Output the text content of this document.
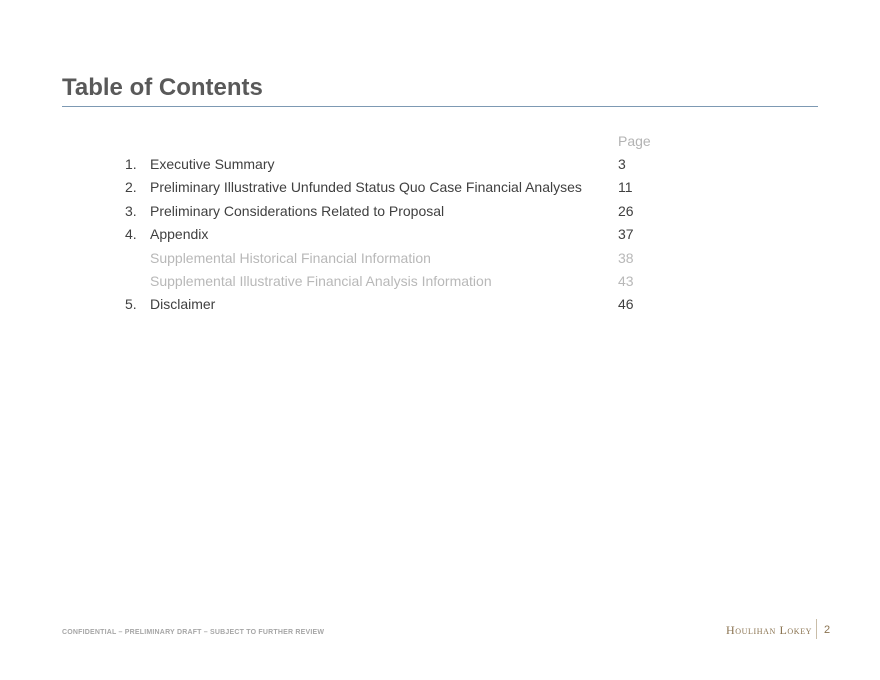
Table of Contents
Page
1. Executive Summary	3
2. Preliminary Illustrative Unfunded Status Quo Case Financial Analyses	11
3. Preliminary Considerations Related to Proposal	26
4. Appendix	37
Supplemental Historical Financial Information	38
Supplemental Illustrative Financial Analysis Information	43
5. Disclaimer	46
CONFIDENTIAL – PRELIMINARY DRAFT – SUBJECT TO FURTHER REVIEW	Houlihan Lokey 2
